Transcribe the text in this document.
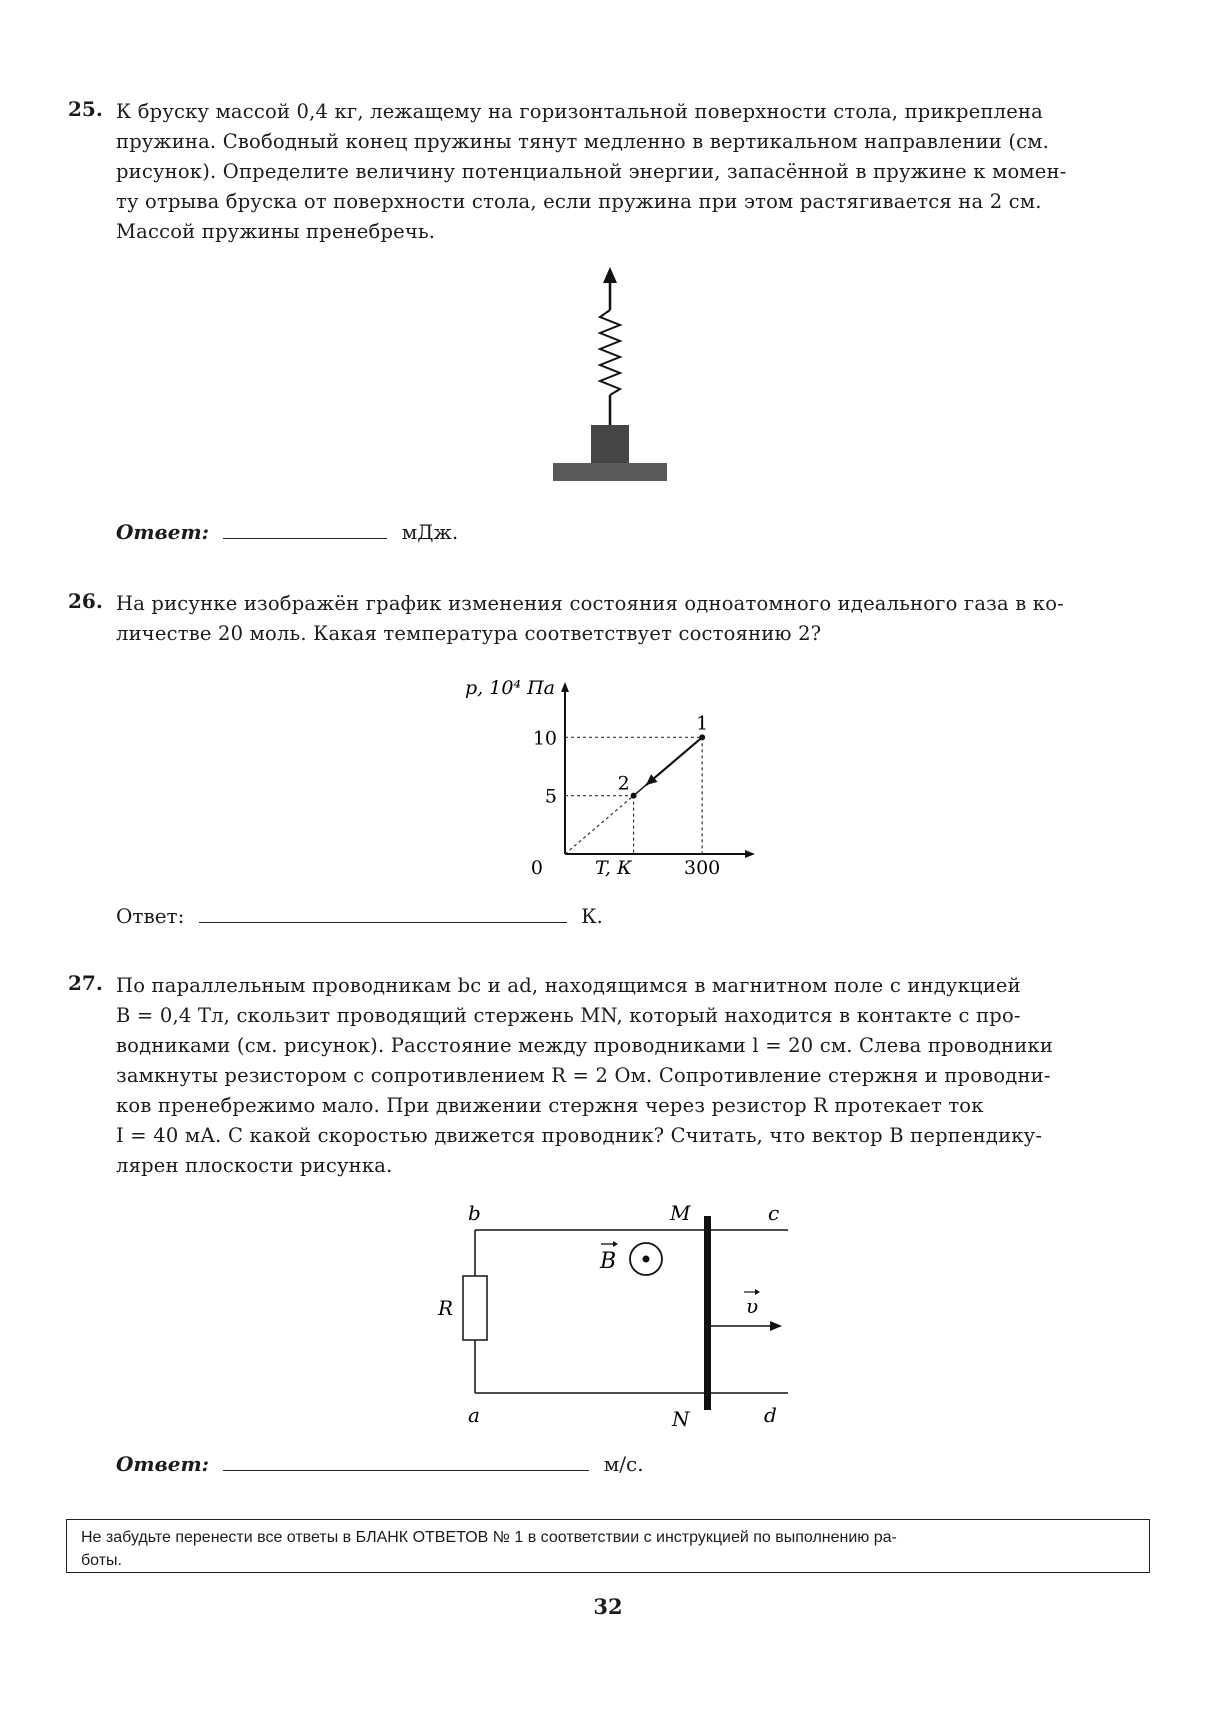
25. К бруску массой 0,4 кг, лежащему на горизонтальной поверхности стола, прикреплена
пружина. Свободный конец пружины тянут медленно в вертикальном направлении (см.
рисунок). Определите величину потенциальной энергии, запасённой в пружине к момен-
ту отрыва бруска от поверхности стола, если пружина при этом растягивается на 2 см.
Массой пружины пренебречь.
Ответ:	мДж.
26. На рисунке изображён график изменения состояния одноатомного идеального газа в ко-
личестве 20 моль. Какая температура соответствует состоянию 2?
p, 10⁴ Па
T, К
0	300
5
10
1
2
Ответ:	К.
27. По параллельным проводникам bc и ad, находящимся в магнитном поле с индукцией
B = 0,4 Тл, скользит проводящий стержень MN, который находится в контакте с про-
водниками (см. рисунок). Расстояние между проводниками l = 20 см. Слева проводники
замкнуты резистором с сопротивлением R = 2 Ом. Сопротивление стержня и проводни-
ков пренебрежимо мало. При движении стержня через резистор R протекает ток
I = 40 мА. С какой скоростью движется проводник? Считать, что вектор B перпендику-
лярен плоскости рисунка.
b
a
M
N
c
d
R
B
υ
Ответ:	м/с.
Не забудьте перенести все ответы в БЛАНК ОТВЕТОВ № 1 в соответствии с инструкцией по выполнению ра-
боты.
32
